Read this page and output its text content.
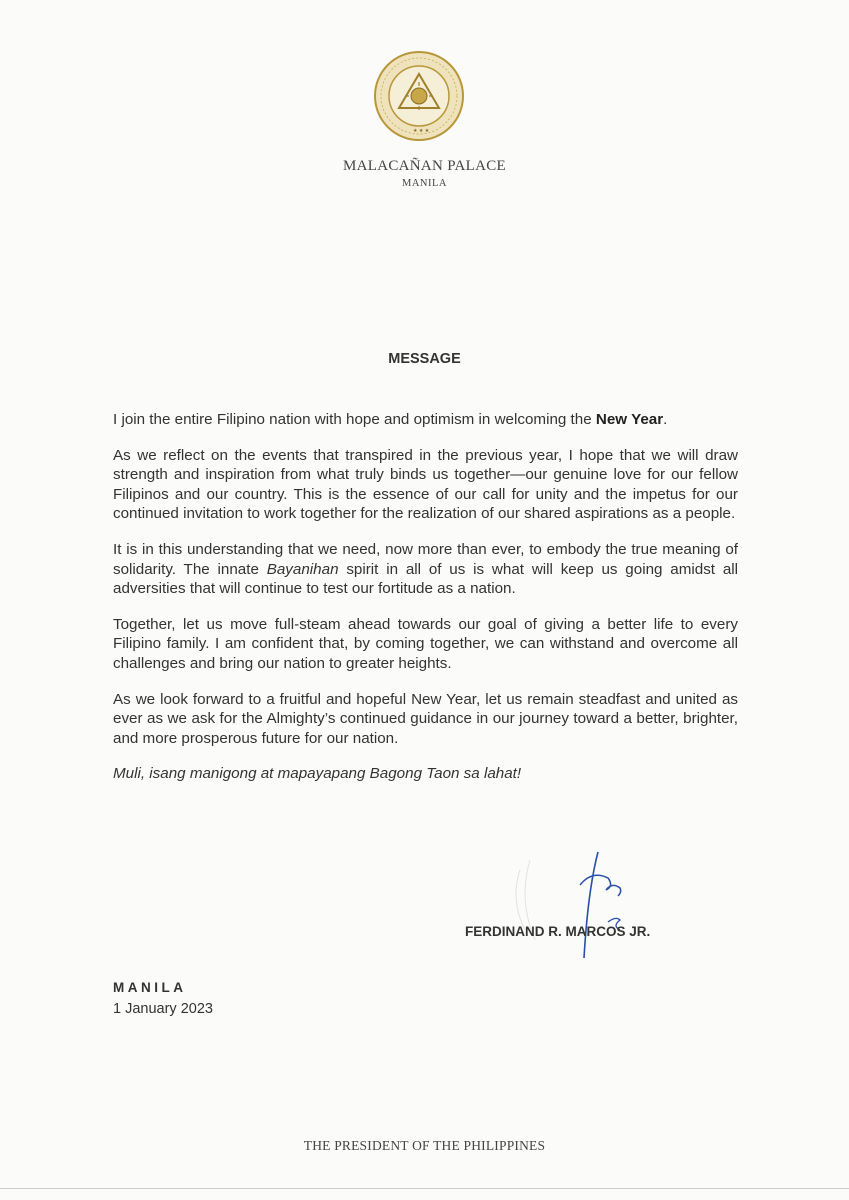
★ ★ ★
MALACAÑAN PALACE
MANILA
MESSAGE

I join the entire Filipino nation with hope and optimism in welcoming the New Year.

As we reflect on the events that transpired in the previous year, I hope that we will draw strength and inspiration from what truly binds us together—our genuine love for our fellow Filipinos and our country. This is the essence of our call for unity and the impetus for our continued invitation to work together for the realization of our shared aspirations as a people.

It is in this understanding that we need, now more than ever, to embody the true meaning of solidarity. The innate Bayanihan spirit in all of us is what will keep us going amidst all adversities that will continue to test our fortitude as a nation.

Together, let us move full-steam ahead towards our goal of giving a better life to every Filipino family. I am confident that, by coming together, we can withstand and overcome all challenges and bring our nation to greater heights.

As we look forward to a fruitful and hopeful New Year, let us remain steadfast and united as ever as we ask for the Almighty’s continued guidance in our journey toward a better, brighter, and more prosperous future for our nation.

Muli, isang manigong at mapayapang Bagong Taon sa lahat!

FERDINAND R. MARCOS JR.
MANILA
1 January 2023
THE PRESIDENT OF THE PHILIPPINES
